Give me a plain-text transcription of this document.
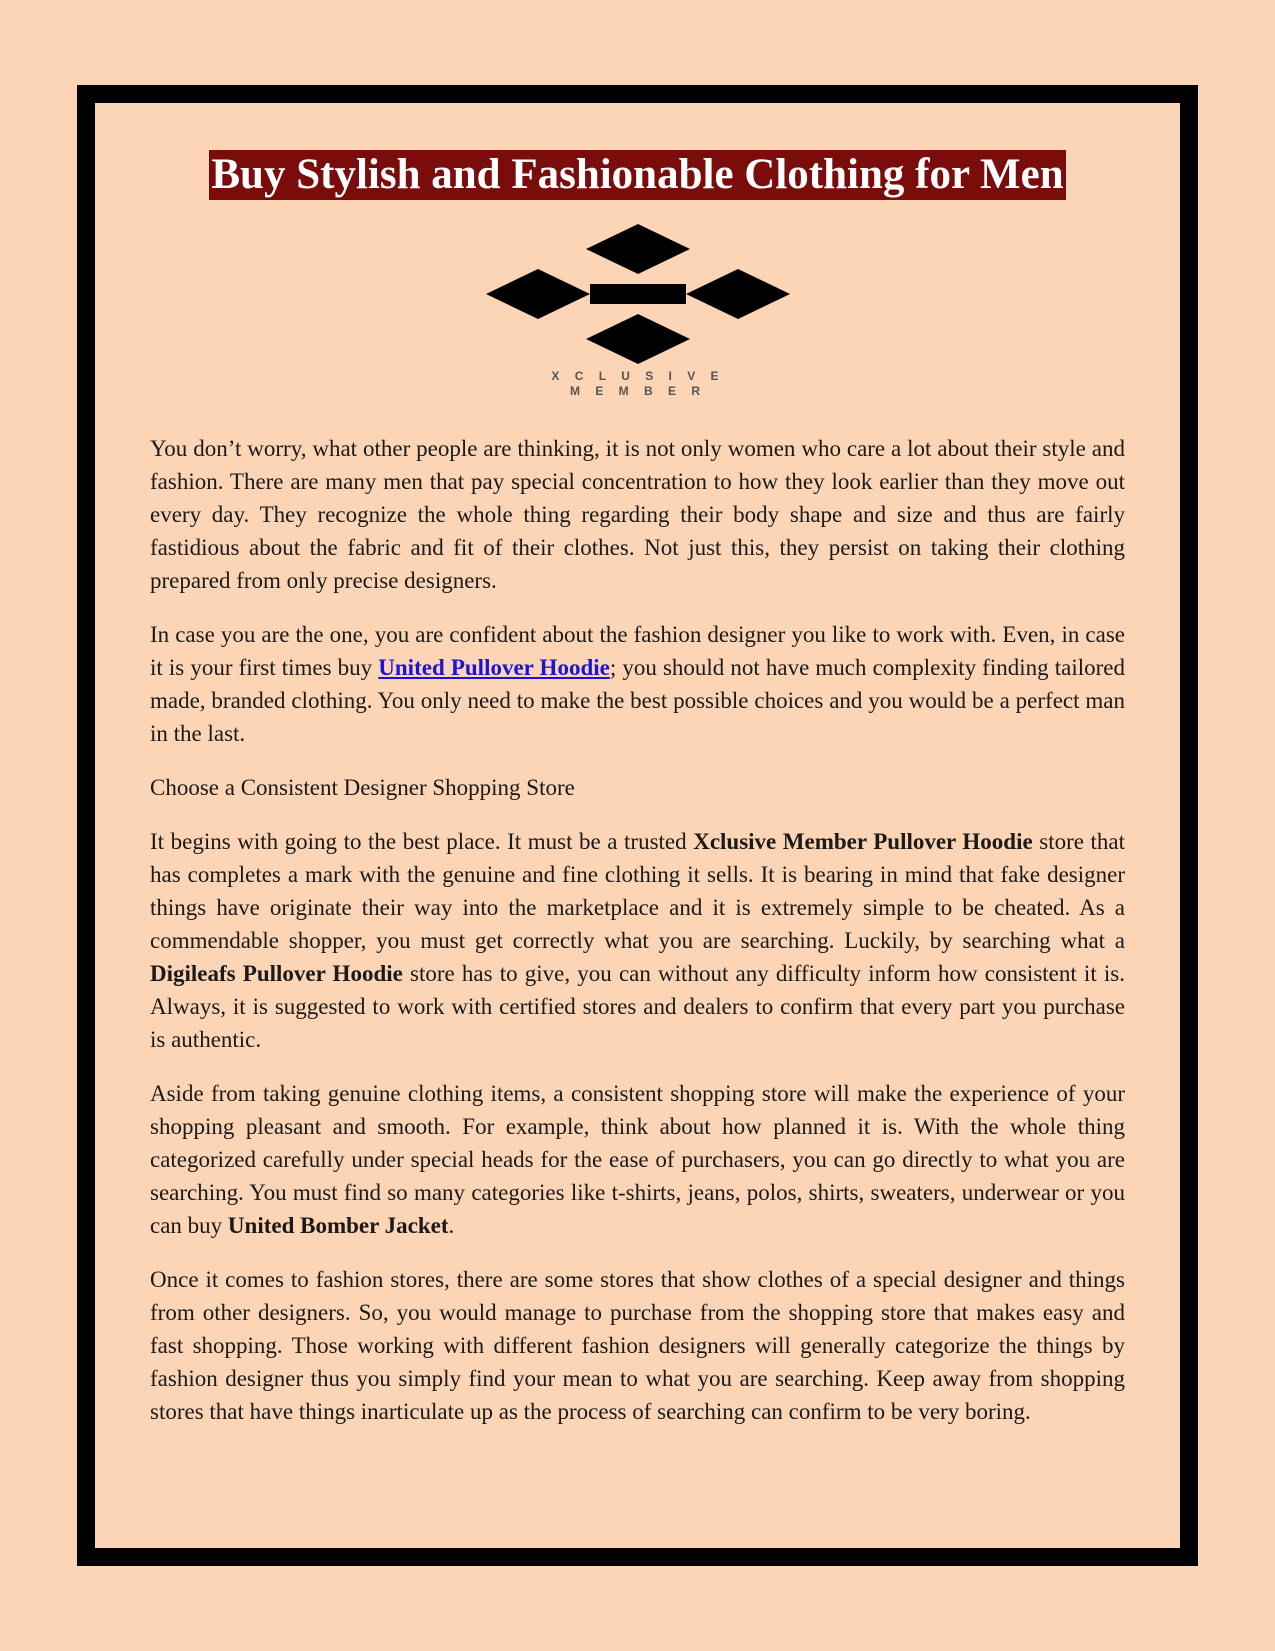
Buy Stylish and Fashionable Clothing for Men
X C L U S I V E
M E M B E R

You don’t worry, what other people are thinking, it is not only women who care a lot about their style and fashion. There are many men that pay special concentration to how they look earlier than they move out every day. They recognize the whole thing regarding their body shape and size and thus are fairly fastidious about the fabric and fit of their clothes. Not just this, they persist on taking their clothing prepared from only precise designers.

In case you are the one, you are confident about the fashion designer you like to work with. Even, in case it is your first times buy United Pullover Hoodie; you should not have much complexity finding tailored made, branded clothing. You only need to make the best possible choices and you would be a perfect man in the last.

Choose a Consistent Designer Shopping Store

It begins with going to the best place. It must be a trusted Xclusive Member Pullover Hoodie store that has completes a mark with the genuine and fine clothing it sells. It is bearing in mind that fake designer things have originate their way into the marketplace and it is extremely simple to be cheated. As a commendable shopper, you must get correctly what you are searching. Luckily, by searching what a Digileafs Pullover Hoodie store has to give, you can without any difficulty inform how consistent it is. Always, it is suggested to work with certified stores and dealers to confirm that every part you purchase is authentic.

Aside from taking genuine clothing items, a consistent shopping store will make the experience of your shopping pleasant and smooth. For example, think about how planned it is. With the whole thing categorized carefully under special heads for the ease of purchasers, you can go directly to what you are searching. You must find so many categories like t-shirts, jeans, polos, shirts, sweaters, underwear or you can buy United Bomber Jacket.

Once it comes to fashion stores, there are some stores that show clothes of a special designer and things from other designers. So, you would manage to purchase from the shopping store that makes easy and fast shopping. Those working with different fashion designers will generally categorize the things by fashion designer thus you simply find your mean to what you are searching. Keep away from shopping stores that have things inarticulate up as the process of searching can confirm to be very boring.
